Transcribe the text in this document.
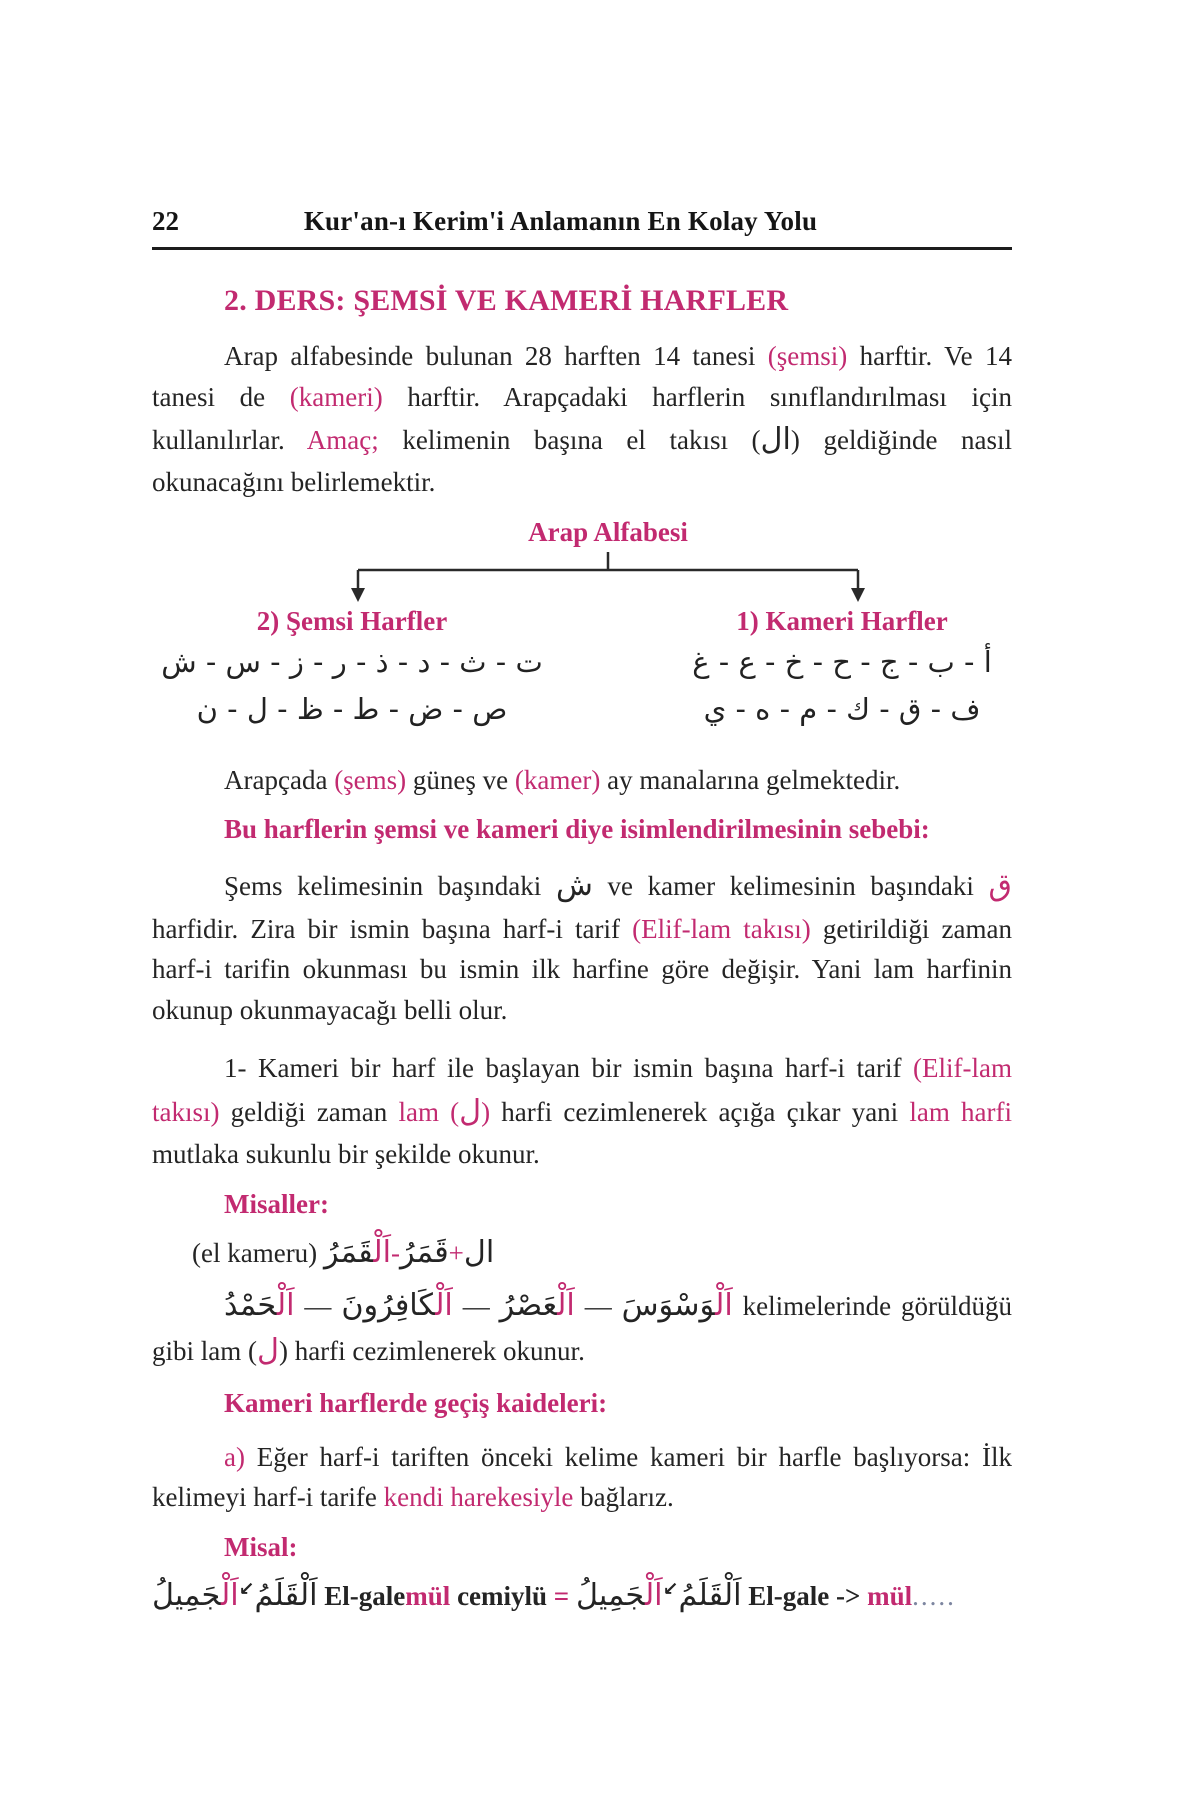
22	Kur'an-ı Kerim'i Anlamanın En Kolay Yolu
2. DERS: ŞEMSİ VE KAMERİ HARFLER

Arap alfabesinde bulunan 28 harften 14 tanesi (şemsi) harftir. Ve 14 tanesi de (kameri) harftir. Arapçadaki harflerin sınıflandırılması için kullanılırlar. Amaç; kelimenin başına el takısı (ال) geldiğinde nasıl okunacağını belirlemektir.

Arap Alfabesi
2) Şemsi Harfler
ت - ث - د - ذ - ر - ز - س - ش
ص - ض - ط - ظ - ل - ن
1) Kameri Harfler
أ - ب - ج - ح - خ - ع - غ
ف - ق - ك - م - ه - ي

Arapçada (şems) güneş ve (kamer) ay manalarına gelmektedir.

Bu harflerin şemsi ve kameri diye isimlendirilmesinin sebebi:

Şems kelimesinin başındaki ش ve kamer kelimesinin başındaki ق harfidir. Zira bir ismin başına harf-i tarif (Elif-lam takısı) getirildiği zaman harf-i tarifin okunması bu ismin ilk harfine göre değişir. Yani lam harfinin okunup okunmayacağı belli olur.

1- Kameri bir harf ile başlayan bir ismin başına harf-i tarif (Elif-lam takısı) geldiği zaman lam (ل) harfi cezimlenerek açığa çıkar yani lam harfi mutlaka sukunlu bir şekilde okunur.

Misaller:

(el kameru)	ال+قَمَرُ-اَلْقَمَرُ

اَلْوَسْوَسَ — اَلْعَصْرُ — اَلْكَافِرُونَ — اَلْحَمْدُ	kelimelerinde görüldüğü gibi lam (ل) harfi cezimlenerek okunur.

Kameri harflerde geçiş kaideleri:

a) Eğer harf-i tariften önceki kelime kameri bir harfle başlıyorsa: İlk kelimeyi harf-i tarife kendi harekesiyle bağlarız.

Misal:

اَلْقَلَمُ↙اَلْجَمِيلُ	El-galemül cemiylü =	اَلْقَلَمُ↙اَلْجَمِيلُ	El-gale -> mül.....
